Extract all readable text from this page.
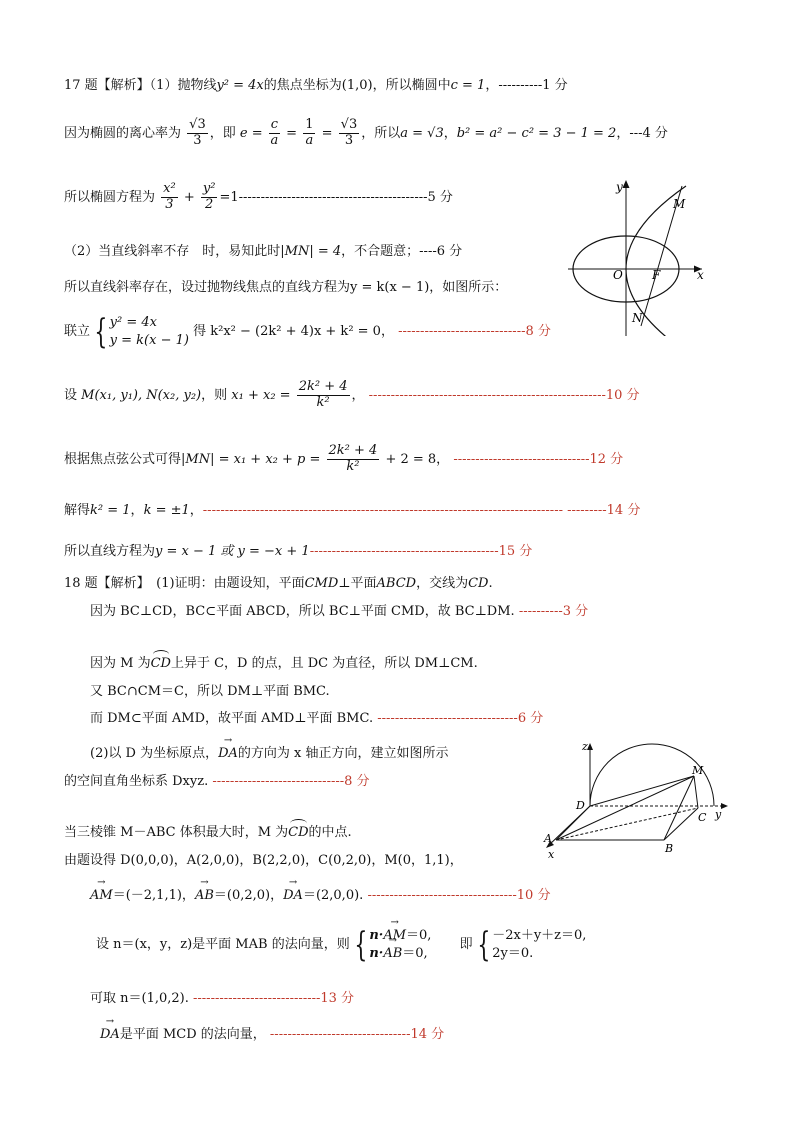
17 题【解析】（1）抛物线y² = 4x的焦点坐标为(1,0)，所以椭圆中c = 1，----------1 分
因为椭圆的离心率为 $\frac{√3}{3}$ ，即 $e = \frac{c}{a} = \frac{1}{a} = \frac{√3}{3}$ ，所以a = √3，b² = a² − c² = 3 − 1 = 2，---4 分
所以椭圆方程为 $\frac{\text{x²}}{3} + \frac{\text{y²}}{2} =1-------------------------------------------5$ 分
（2）当直线斜率不存　时，易知此时|MN| = 4，不合题意；----6 分
所以直线斜率存在，设过抛物线焦点的直线方程为y = k(x − 1)，如图所示：
联立 { y² = 4x
y = k(x − 1)
得 k²x² − (2k² + 4)x + k² = 0， -----------------------------8 分
设 M(x₁, y₁), N(x₂, y₂)，则 $x_1 + x_2 = \frac{\text{2k² + 4}}{\text{k²}}$ ， ------------------------------------------------------10 分
根据焦点弦公式可得$|MN| = x_1 + x_2 + p = \frac{\text{2k² + 4}}{\text{k²}} + 2 = 8$， -------------------------------12 分
解得k² = 1，k = ±1，---------------------------------------------------------------------------------- ---------14 分
所以直线方程为y = x − 1 或 y = −x + 1-------------------------------------------15 分
y
x
O F
M
N
18 题【解析】　(1)证明：由题设知，平面CMD⊥平面ABCD，交线为CD.
因为 BC⊥CD，BC⊂平面 ABCD，所以 BC⊥平面 CMD，故 BC⊥DM. ----------3 分
因为 M 为CD上异于 C，D 的点，且 DC 为直径，所以 DM⊥CM.
又 BC∩CM＝C，所以 DM⊥平面 BMC.
而 DM⊂平面 AMD，故平面 AMD⊥平面 BMC. --------------------------------6 分
(2)以 D 为坐标原点，→ DA的方向为 x 轴正方向，建立如图所示
的空间直角坐标系 Dxyz. ------------------------------8 分
当三棱锥 M－ABC 体积最大时，M 为CD的中点.
由题设得 D(0,0,0)，A(2,0,0)，B(2,2,0)，C(0,2,0)，M(0，1,1)，
→ AM＝(－2,1,1)，→ AB＝(0,2,0)，→ DA＝(2,0,0). ----------------------------------10 分
设 n＝(x，y，z)是平面 MAB 的法向量，则 { n·→ AM＝0,
n·→ AB＝0,
即 { －2x＋y＋z＝0,
2y＝0.
可取 n＝(1,0,2). -----------------------------13 分
→ DA是平面 MCD 的法向量， --------------------------------14 分
z
M
D
C y
A
x	B
